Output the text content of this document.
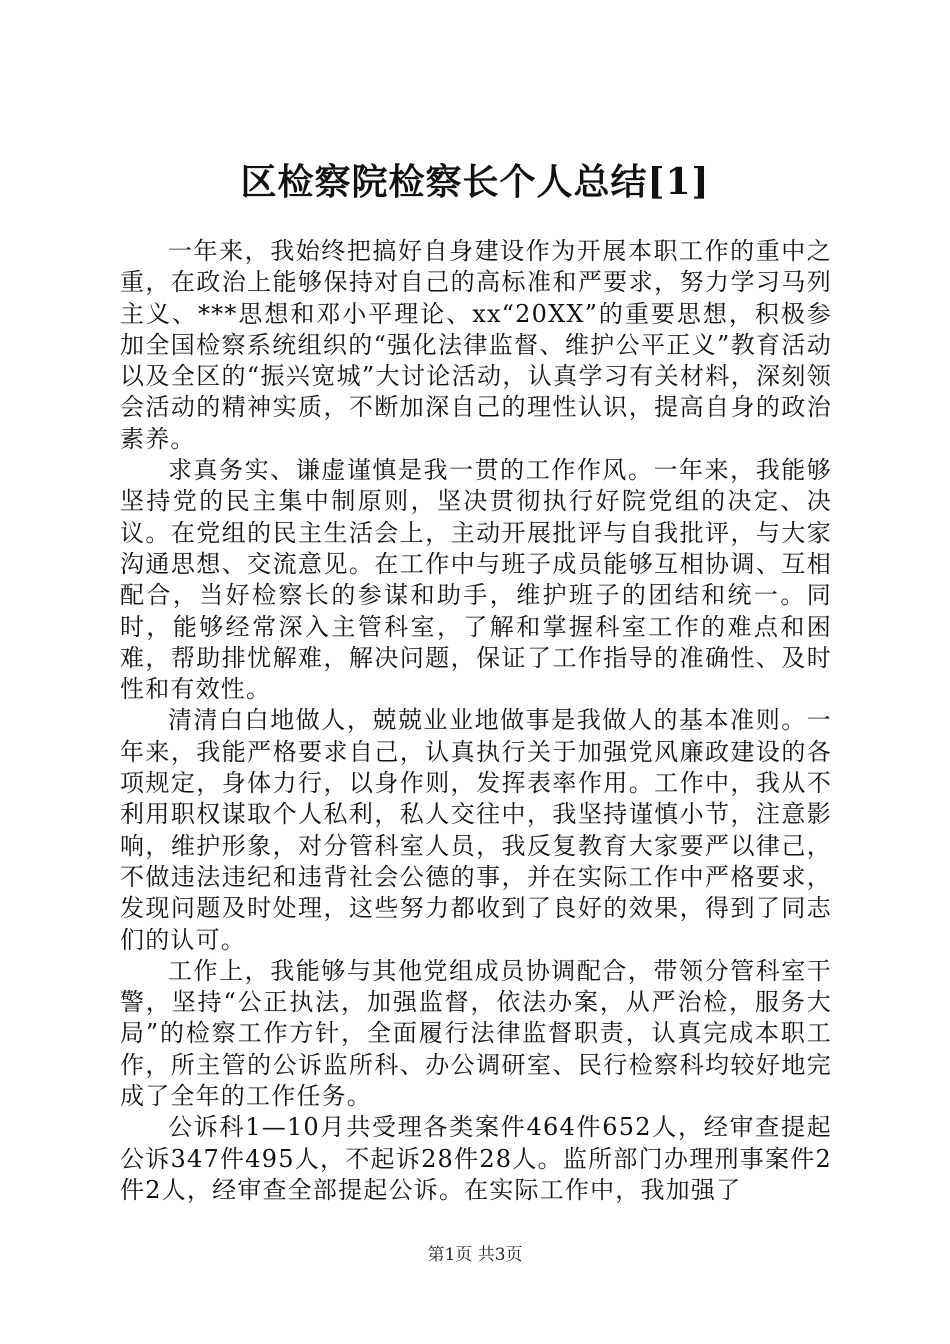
区检察院检察长个人总结[1]

一年来，我始终把搞好自身建设作为开展本职工作的重中之重，在政治上能够保持对自己的高标准和严要求，努力学习马列主义、***思想和邓小平理论、xx“20XX”的重要思想，积极参加全国检察系统组织的“强化法律监督、维护公平正义”教育活动以及全区的“振兴宽城”大讨论活动，认真学习有关材料，深刻领会活动的精神实质，不断加深自己的理性认识，提高自身的政治素养。

求真务实、谦虚谨慎是我一贯的工作作风。一年来，我能够坚持党的民主集中制原则，坚决贯彻执行好院党组的决定、决议。在党组的民主生活会上，主动开展批评与自我批评，与大家沟通思想、交流意见。在工作中与班子成员能够互相协调、互相配合，当好检察长的参谋和助手，维护班子的团结和统一。同时，能够经常深入主管科室，了解和掌握科室工作的难点和困难，帮助排忧解难，解决问题，保证了工作指导的准确性、及时性和有效性。

清清白白地做人，兢兢业业地做事是我做人的基本准则。一年来，我能严格要求自己，认真执行关于加强党风廉政建设的各项规定，身体力行，以身作则，发挥表率作用。工作中，我从不利用职权谋取个人私利，私人交往中，我坚持谨慎小节，注意影响，维护形象，对分管科室人员，我反复教育大家要严以律己，不做违法违纪和违背社会公德的事，并在实际工作中严格要求，发现问题及时处理，这些努力都收到了良好的效果，得到了同志们的认可。

工作上，我能够与其他党组成员协调配合，带领分管科室干警，坚持“公正执法，加强监督，依法办案，从严治检，服务大局”的检察工作方针，全面履行法律监督职责，认真完成本职工作，所主管的公诉监所科、办公调研室、民行检察科均较好地完成了全年的工作任务。

公诉科1—10月共受理各类案件464件652人，经审查提起公诉347件495人，不起诉28件28人。监所部门办理刑事案件2件2人，经审查全部提起公诉。在实际工作中，我加强了

第1页 共3页
